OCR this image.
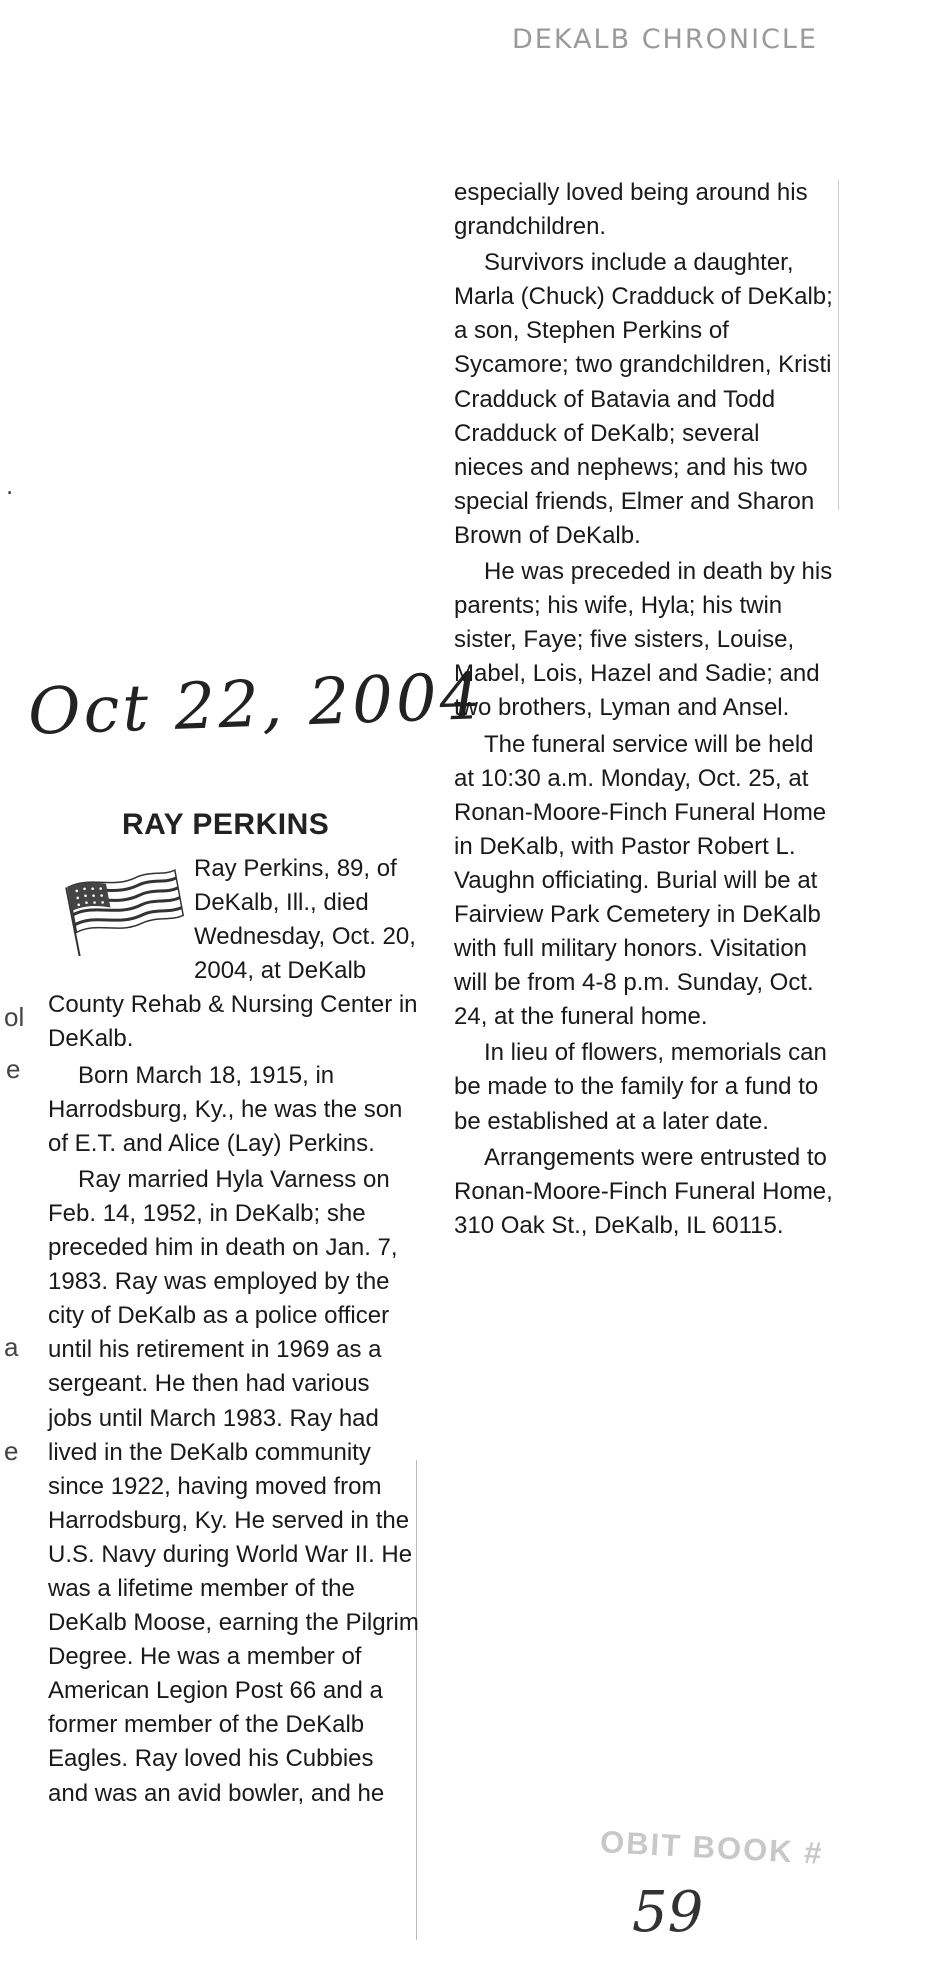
DEKALB CHRONICLE
.
ol
e
a
e
Oct 22, 2004
RAY PERKINS

Ray Perkins, 89, of DeKalb, Ill., died Wednesday, Oct. 20, 2004, at DeKalb County Rehab & Nursing Center in DeKalb.

Born March 18, 1915, in Harrodsburg, Ky., he was the son of E.T. and Alice (Lay) Perkins.

Ray married Hyla Varness on Feb. 14, 1952, in DeKalb; she preceded him in death on Jan. 7, 1983. Ray was employed by the city of DeKalb as a police officer until his retirement in 1969 as a sergeant. He then had various jobs until March 1983. Ray had lived in the DeKalb community since 1922, having moved from Harrodsburg, Ky. He served in the U.S. Navy during World War II. He was a lifetime member of the DeKalb Moose, earning the Pilgrim Degree. He was a member of American Legion Post 66 and a former member of the DeKalb Eagles. Ray loved his Cubbies and was an avid bowler, and he

especially loved being around his grandchildren.

Survivors include a daughter, Marla (Chuck) Cradduck of DeKalb; a son, Stephen Perkins of Sycamore; two grandchildren, Kristi Cradduck of Batavia and Todd Cradduck of DeKalb; several nieces and nephews; and his two special friends, Elmer and Sharon Brown of DeKalb.

He was preceded in death by his parents; his wife, Hyla; his twin sister, Faye; five sisters, Louise, Mabel, Lois, Hazel and Sadie; and two brothers, Lyman and Ansel.

The funeral service will be held at 10:30 a.m. Monday, Oct. 25, at Ronan-Moore-Finch Funeral Home in DeKalb, with Pastor Robert L. Vaughn officiating. Burial will be at Fairview Park Cemetery in DeKalb with full military honors. Visitation will be from 4-8 p.m. Sunday, Oct. 24, at the funeral home.

In lieu of flowers, memorials can be made to the family for a fund to be established at a later date.

Arrangements were entrusted to Ronan-Moore-Finch Funeral Home, 310 Oak St., DeKalb, IL 60115.

OBIT BOOK #
59
